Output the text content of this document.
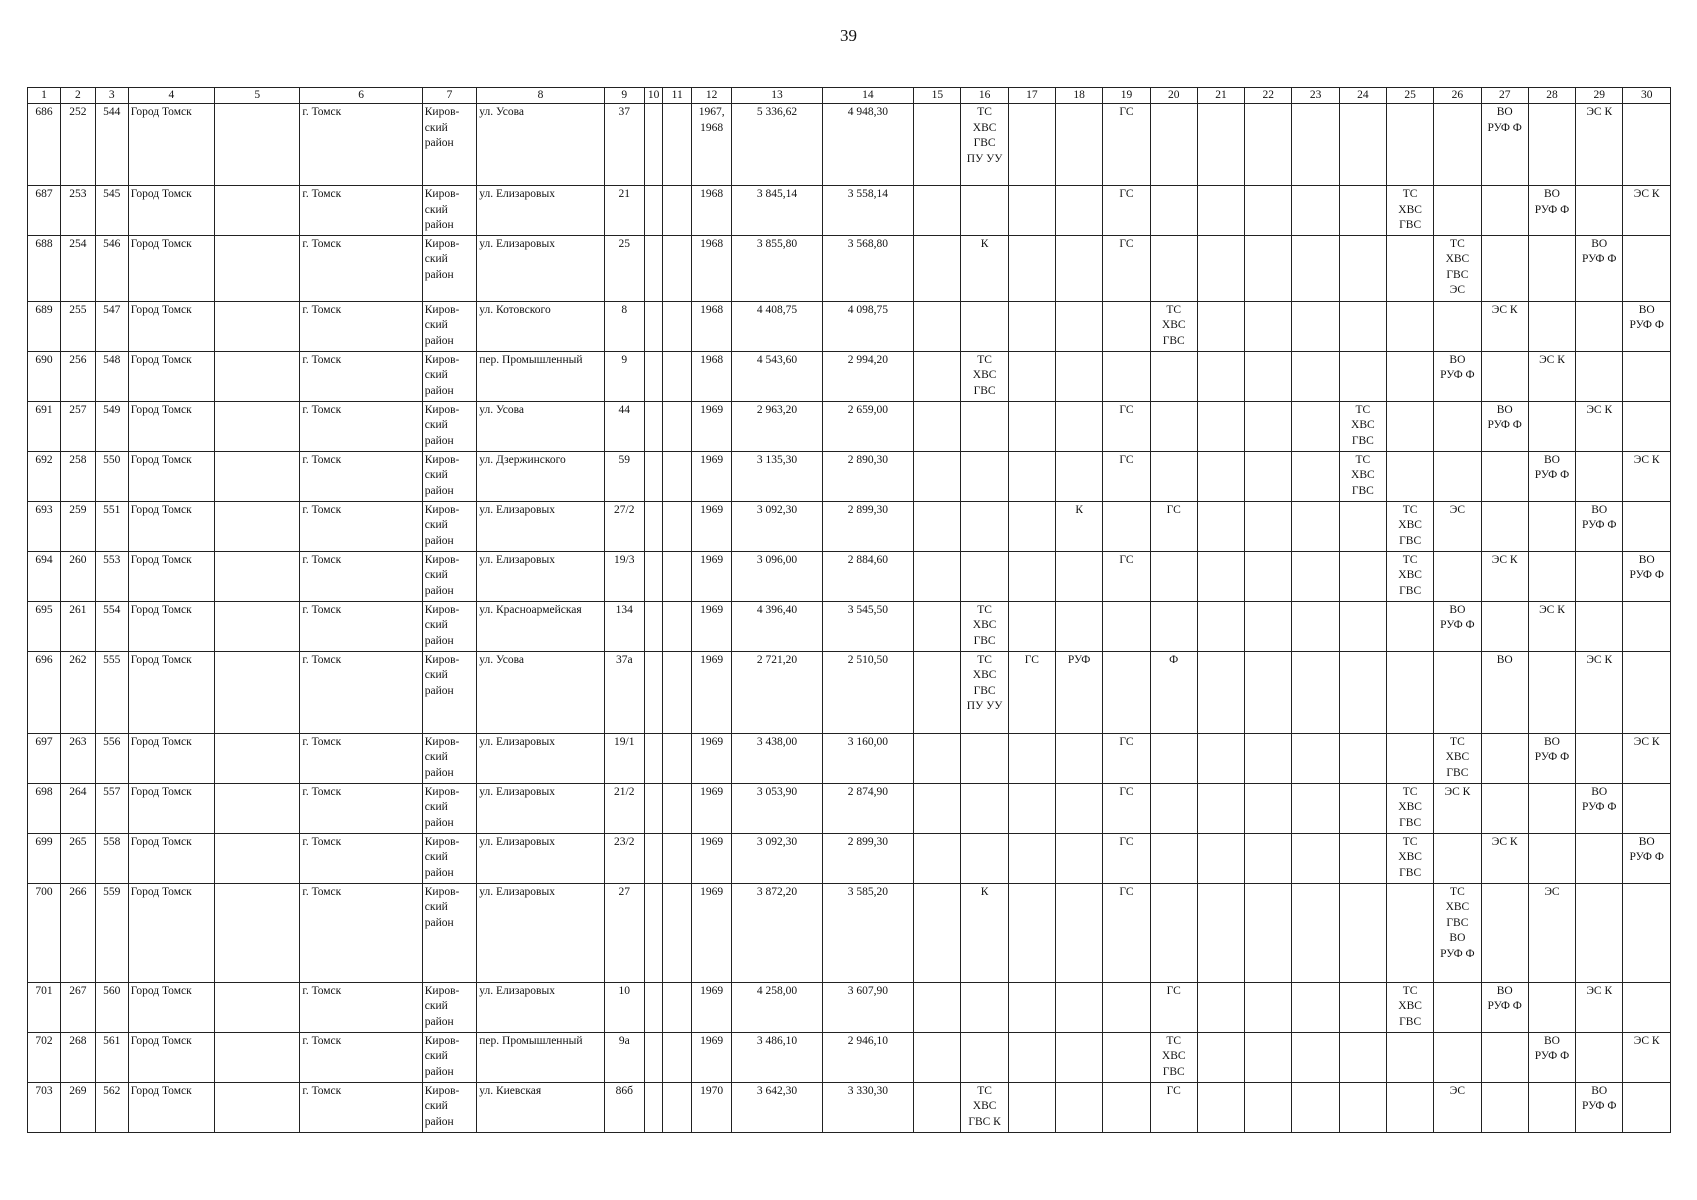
39
1	2	3	4	5	6	7	8	9	10	11	12	13	14	15	16	17	18	19	20	21	22	23	24	25	26	27	28	29	30
686	252	544	Город Томск		г. Томск	Киров-
ский
район	ул. Усова	37			1967,
1968	5 336,62	4 948,30		ТС
ХВС
ГВС
ПУ УУ			ГС								ВО
РУФ Ф		ЭС К	
687	253	545	Город Томск		г. Томск	Киров-
ский
район	ул. Елизаровых	21			1968	3 845,14	3 558,14					ГС						ТС
ХВС
ГВС			ВО
РУФ Ф		ЭС К
688	254	546	Город Томск		г. Томск	Киров-
ский
район	ул. Елизаровых	25			1968	3 855,80	3 568,80		К			ГС							ТС
ХВС
ГВС
ЭС			ВО
РУФ Ф	
689	255	547	Город Томск		г. Томск	Киров-
ский
район	ул. Котовского	8			1968	4 408,75	4 098,75						ТС
ХВС
ГВС							ЭС К			ВО
РУФ Ф
690	256	548	Город Томск		г. Томск	Киров-
ский
район	пер. Промышленный	9			1968	4 543,60	2 994,20		ТС
ХВС
ГВС										ВО
РУФ Ф		ЭС К		
691	257	549	Город Томск		г. Томск	Киров-
ский
район	ул. Усова	44			1969	2 963,20	2 659,00					ГС					ТС
ХВС
ГВС			ВО
РУФ Ф		ЭС К	
692	258	550	Город Томск		г. Томск	Киров-
ский
район	ул. Дзержинского	59			1969	3 135,30	2 890,30					ГС					ТС
ХВС
ГВС				ВО
РУФ Ф		ЭС К
693	259	551	Город Томск		г. Томск	Киров-
ский
район	ул. Елизаровых	27/2			1969	3 092,30	2 899,30				К		ГС					ТС
ХВС
ГВС	ЭС			ВО
РУФ Ф	
694	260	553	Город Томск		г. Томск	Киров-
ский
район	ул. Елизаровых	19/3			1969	3 096,00	2 884,60					ГС						ТС
ХВС
ГВС		ЭС К			ВО
РУФ Ф
695	261	554	Город Томск		г. Томск	Киров-
ский
район	ул. Красноармейская	134			1969	4 396,40	3 545,50		ТС
ХВС
ГВС										ВО
РУФ Ф		ЭС К		
696	262	555	Город Томск		г. Томск	Киров-
ский
район	ул. Усова	37а			1969	2 721,20	2 510,50		ТС
ХВС
ГВС
ПУ УУ	ГС	РУФ		Ф							ВО		ЭС К	
697	263	556	Город Томск		г. Томск	Киров-
ский
район	ул. Елизаровых	19/1			1969	3 438,00	3 160,00					ГС							ТС
ХВС
ГВС		ВО
РУФ Ф		ЭС К
698	264	557	Город Томск		г. Томск	Киров-
ский
район	ул. Елизаровых	21/2			1969	3 053,90	2 874,90					ГС						ТС
ХВС
ГВС	ЭС К			ВО
РУФ Ф	
699	265	558	Город Томск		г. Томск	Киров-
ский
район	ул. Елизаровых	23/2			1969	3 092,30	2 899,30					ГС						ТС
ХВС
ГВС		ЭС К			ВО
РУФ Ф
700	266	559	Город Томск		г. Томск	Киров-
ский
район	ул. Елизаровых	27			1969	3 872,20	3 585,20		К			ГС							ТС
ХВС
ГВС
ВО
РУФ Ф		ЭС		
701	267	560	Город Томск		г. Томск	Киров-
ский
район	ул. Елизаровых	10			1969	4 258,00	3 607,90						ГС					ТС
ХВС
ГВС		ВО
РУФ Ф		ЭС К	
702	268	561	Город Томск		г. Томск	Киров-
ский
район	пер. Промышленный	9а			1969	3 486,10	2 946,10						ТС
ХВС
ГВС								ВО
РУФ Ф		ЭС К
703	269	562	Город Томск		г. Томск	Киров-
ский
район	ул. Киевская	86б			1970	3 642,30	3 330,30		ТС
ХВС
ГВС К				ГС						ЭС			ВО
РУФ Ф	
